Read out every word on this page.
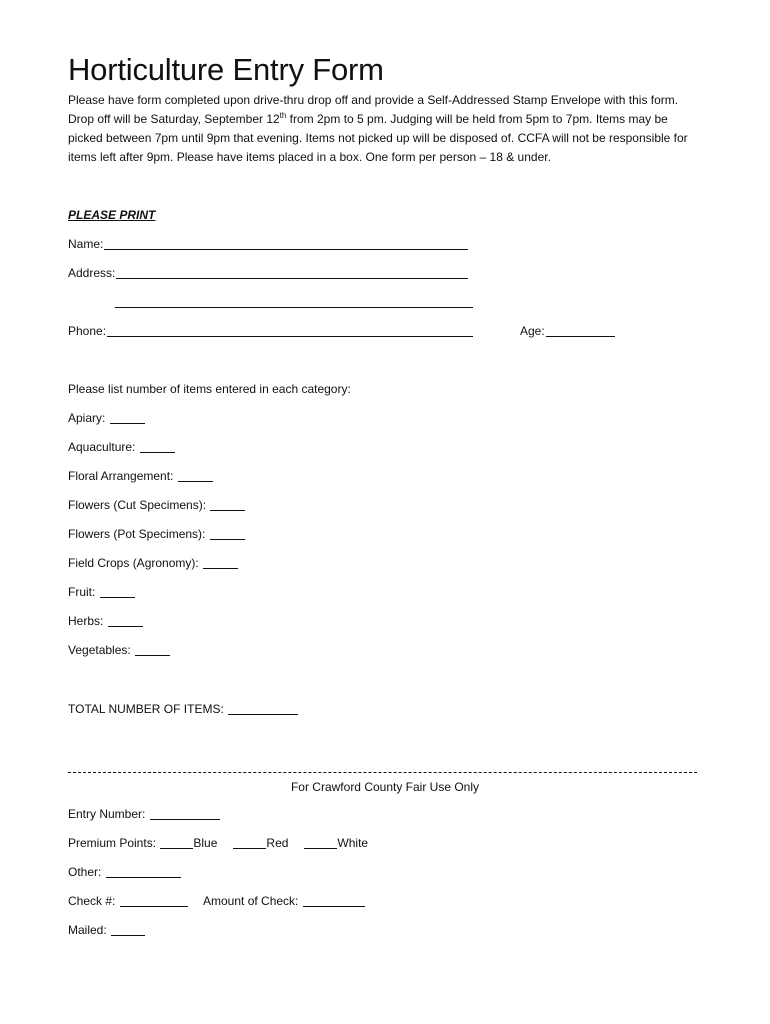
Horticulture Entry Form
Please have form completed upon drive-thru drop off and provide a Self-Addressed Stamp Envelope with this form. Drop off will be Saturday, September 12th from 2pm to 5 pm. Judging will be held from 5pm to 7pm. Items may be picked between 7pm until 9pm that evening. Items not picked up will be disposed of. CCFA will not be responsible for items left after 9pm. Please have items placed in a box. One form per person – 18 & under.
PLEASE PRINT
Name:
Address:
Phone:	Age:
Please list number of items entered in each category:
Apiary:
Aquaculture:
Floral Arrangement:
Flowers (Cut Specimens):
Flowers (Pot Specimens):
Field Crops (Agronomy):
Fruit:
Herbs:
Vegetables:
TOTAL NUMBER OF ITEMS:
For Crawford County Fair Use Only
Entry Number:
Premium Points:	Blue	Red	White
Other:
Check #:	Amount of Check:
Mailed:
